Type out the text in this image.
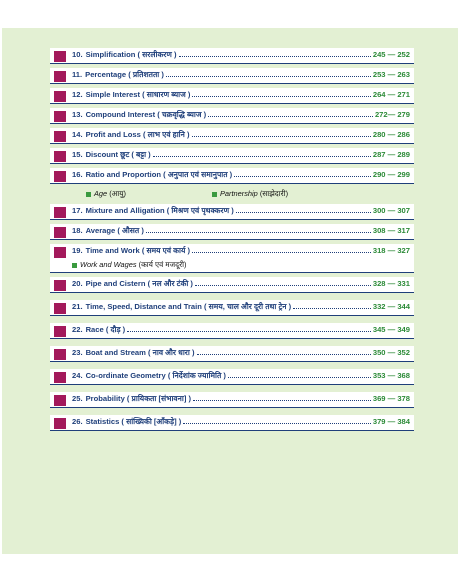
10. Simplification ( सरलीकरण )	245 — 252
11. Percentage ( प्रतिशतता )	253 — 263
12. Simple Interest ( साधारण ब्याज )	264 — 271
13. Compound Interest ( चक्रवृद्धि ब्याज )	272— 279
14. Profit and Loss ( लाभ एवं हानि )	280 — 286
15. Discount छूट ( बट्टा )	287 — 289
16. Ratio and Proportion ( अनुपात एवं समानुपात )	290 — 299
Age (आयु)	Partnership (साझेदारी)
17. Mixture and Alligation ( मिश्रण एवं पृथक्करण )	300 — 307
18. Average ( औसत )	308 — 317
19. Time and Work ( समय एवं कार्य )	318 — 327
Work and Wages (कार्य एवं मजदूरी)
20. Pipe and Cistern ( नल और टंकी )	328 — 331
21. Time, Speed, Distance and Train ( समय, चाल और दूरी तथा ट्रेन )	332 — 344
22. Race ( दौड़ )	345 — 349
23. Boat and Stream ( नाव और धारा )	350 — 352
24. Co-ordinate Geometry ( निर्देशांक ज्यामिति )	353 — 368
25. Probability ( प्रायिकता [संभावना] )	369 — 378
26. Statistics ( सांख्यिकी [आँकड़े] )	379 — 384
